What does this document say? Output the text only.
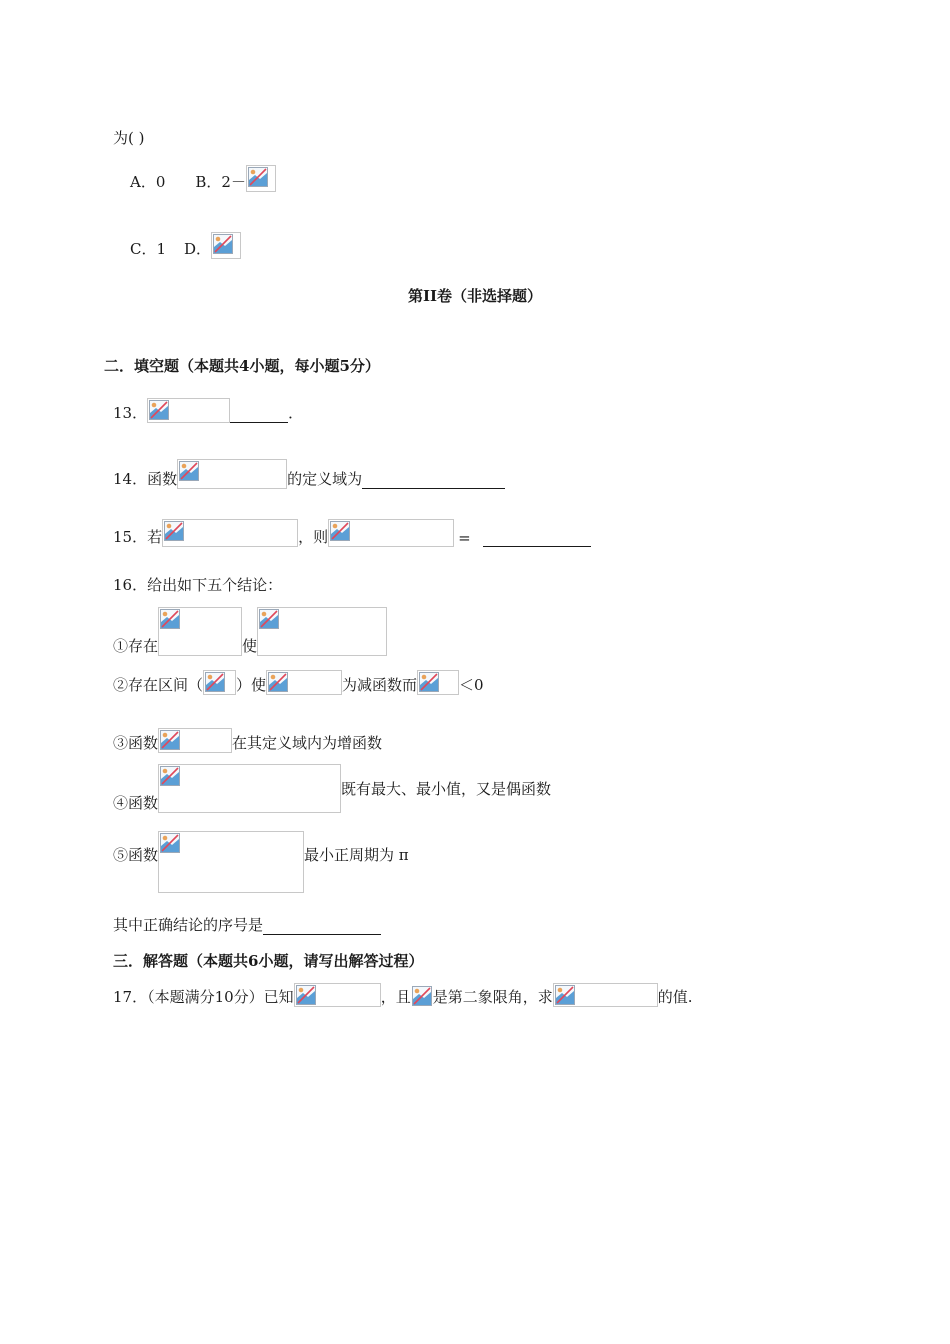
为( )
A．0 B．2－
C．1 D．
第II卷（非选择题）
二．填空题（本题共4小题，每小题5分）
13．	．
14．函数	的定义域为
15．若	，则	=
16．给出如下五个结论：
①存在	使
②存在区间（ ）使	为减函数而	＜0
③函数	在其定义域内为增函数
④函数
既有最大、最小值，又是偶函数
⑤函数	最小正周期为 π
其中正确结论的序号是
三．解答题（本题共6小题，请写出解答过程）
17．（本题满分10分）已知	，且 是第二象限角，求	的值.
